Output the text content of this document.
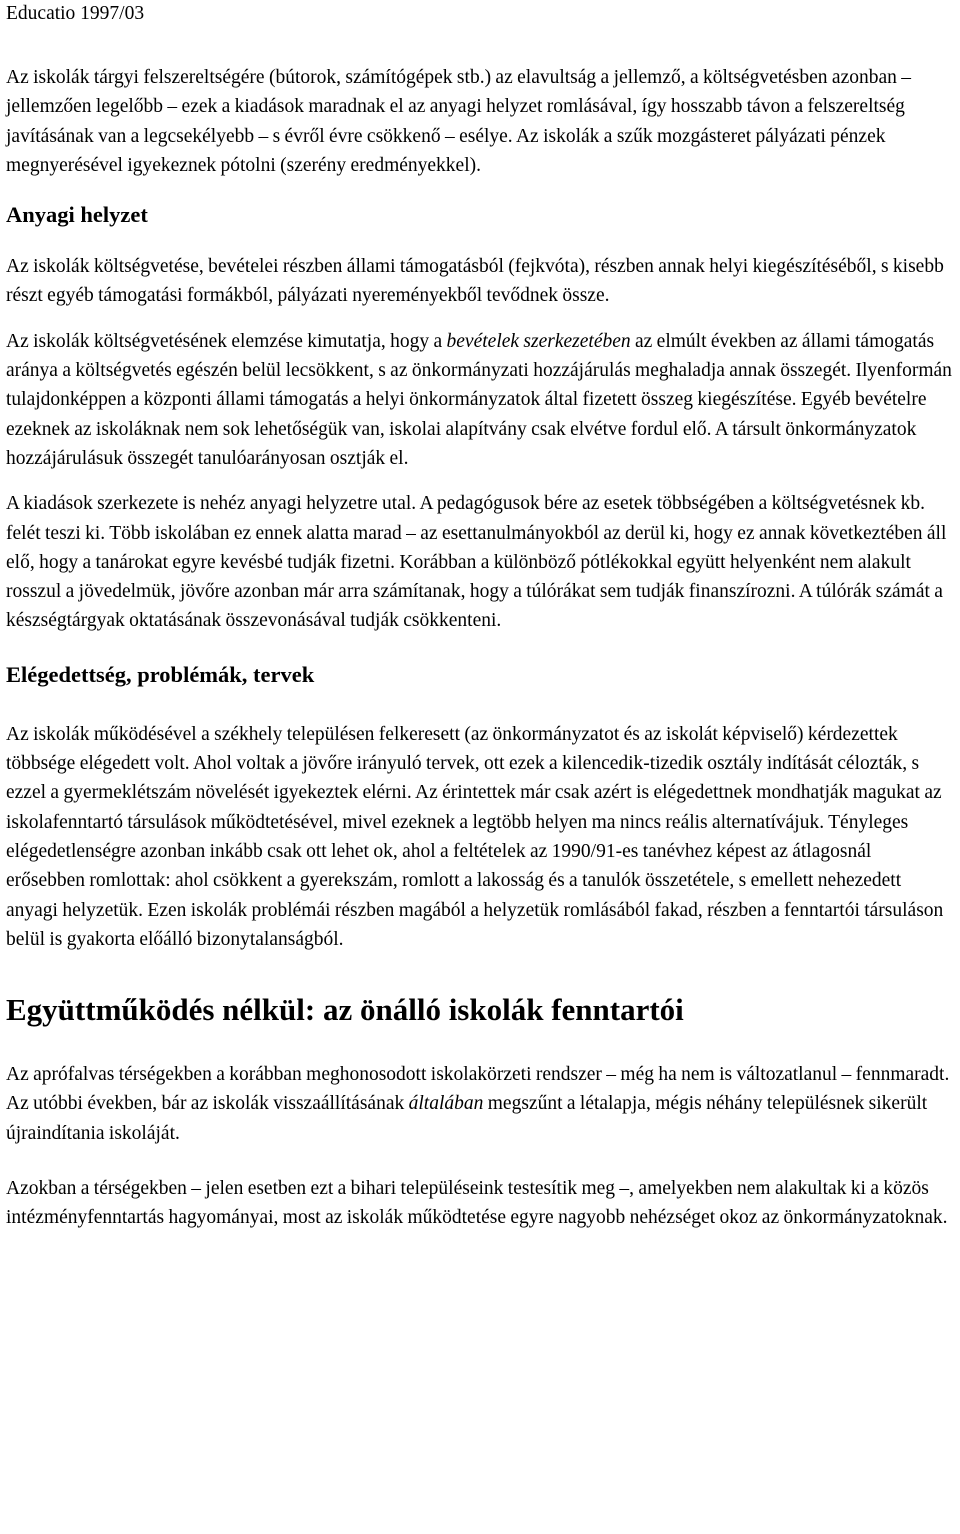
Educatio 1997/03

Az iskolák tárgyi felszereltségére (bútorok, számítógépek stb.) az elavultság a jellemző, a költségvetésben azonban – jellemzően legelőbb – ezek a kiadások maradnak el az anyagi helyzet romlásával, így hosszabb távon a felszereltség javításának van a legcsekélyebb – s évről évre csökkenő – esélye. Az iskolák a szűk mozgásteret pályázati pénzek megnyerésével igyekeznek pótolni (szerény eredményekkel).

Anyagi helyzet

Az iskolák költségvetése, bevételei részben állami támogatásból (fejkvóta), részben annak helyi kiegészítéséből, s kisebb részt egyéb támogatási formákból, pályázati nyereményekből tevődnek össze.

Az iskolák költségvetésének elemzése kimutatja, hogy a bevételek szerkezetében az elmúlt években az állami támogatás aránya a költségvetés egészén belül lecsökkent, s az önkormányzati hozzájárulás meghaladja annak összegét. Ilyenformán tulajdonképpen a központi állami támogatás a helyi önkormányzatok által fizetett összeg kiegészítése. Egyéb bevételre ezeknek az iskoláknak nem sok lehetőségük van, iskolai alapítvány csak elvétve fordul elő. A társult önkormányzatok hozzájárulásuk összegét tanulóarányosan osztják el.

A kiadások szerkezete is nehéz anyagi helyzetre utal. A pedagógusok bére az esetek többségében a költségvetésnek kb. felét teszi ki. Több iskolában ez ennek alatta marad – az esettanulmányokból az derül ki, hogy ez annak következtében áll elő, hogy a tanárokat egyre kevésbé tudják fizetni. Korábban a különböző pótlékokkal együtt helyenként nem alakult rosszul a jövedelmük, jövőre azonban már arra számítanak, hogy a túlórákat sem tudják finanszírozni. A túlórák számát a készségtárgyak oktatásának összevonásával tudják csökkenteni.

Elégedettség, problémák, tervek

Az iskolák működésével a székhely településen felkeresett (az önkormányzatot és az iskolát képviselő) kérdezettek többsége elégedett volt. Ahol voltak a jövőre irányuló tervek, ott ezek a kilencedik-tizedik osztály indítását célozták, s ezzel a gyermeklétszám növelését igyekeztek elérni. Az érintettek már csak azért is elégedettnek mondhatják magukat az iskolafenntartó társulások működtetésével, mivel ezeknek a legtöbb helyen ma nincs reális alternatívájuk. Tényleges elégedetlenségre azonban inkább csak ott lehet ok, ahol a feltételek az 1990/91-es tanévhez képest az átlagosnál erősebben romlottak: ahol csökkent a gyerekszám, romlott a lakosság és a tanulók összetétele, s emellett nehezedett anyagi helyzetük. Ezen iskolák problémái részben magából a helyzetük romlásából fakad, részben a fenntartói társuláson belül is gyakorta előálló bizonytalanságból.

Együttműködés nélkül: az önálló iskolák fenntartói

Az aprófalvas térségekben a korábban meghonosodott iskolakörzeti rendszer – még ha nem is változatlanul – fennmaradt. Az utóbbi években, bár az iskolák visszaállításának általában megszűnt a létalapja, mégis néhány településnek sikerült újraindítania iskoláját.

Azokban a térségekben – jelen esetben ezt a bihari településeink testesítik meg –, amelyekben nem alakultak ki a közös intézményfenntartás hagyományai, most az iskolák működtetése egyre nagyobb nehézséget okoz az önkormányzatoknak.
